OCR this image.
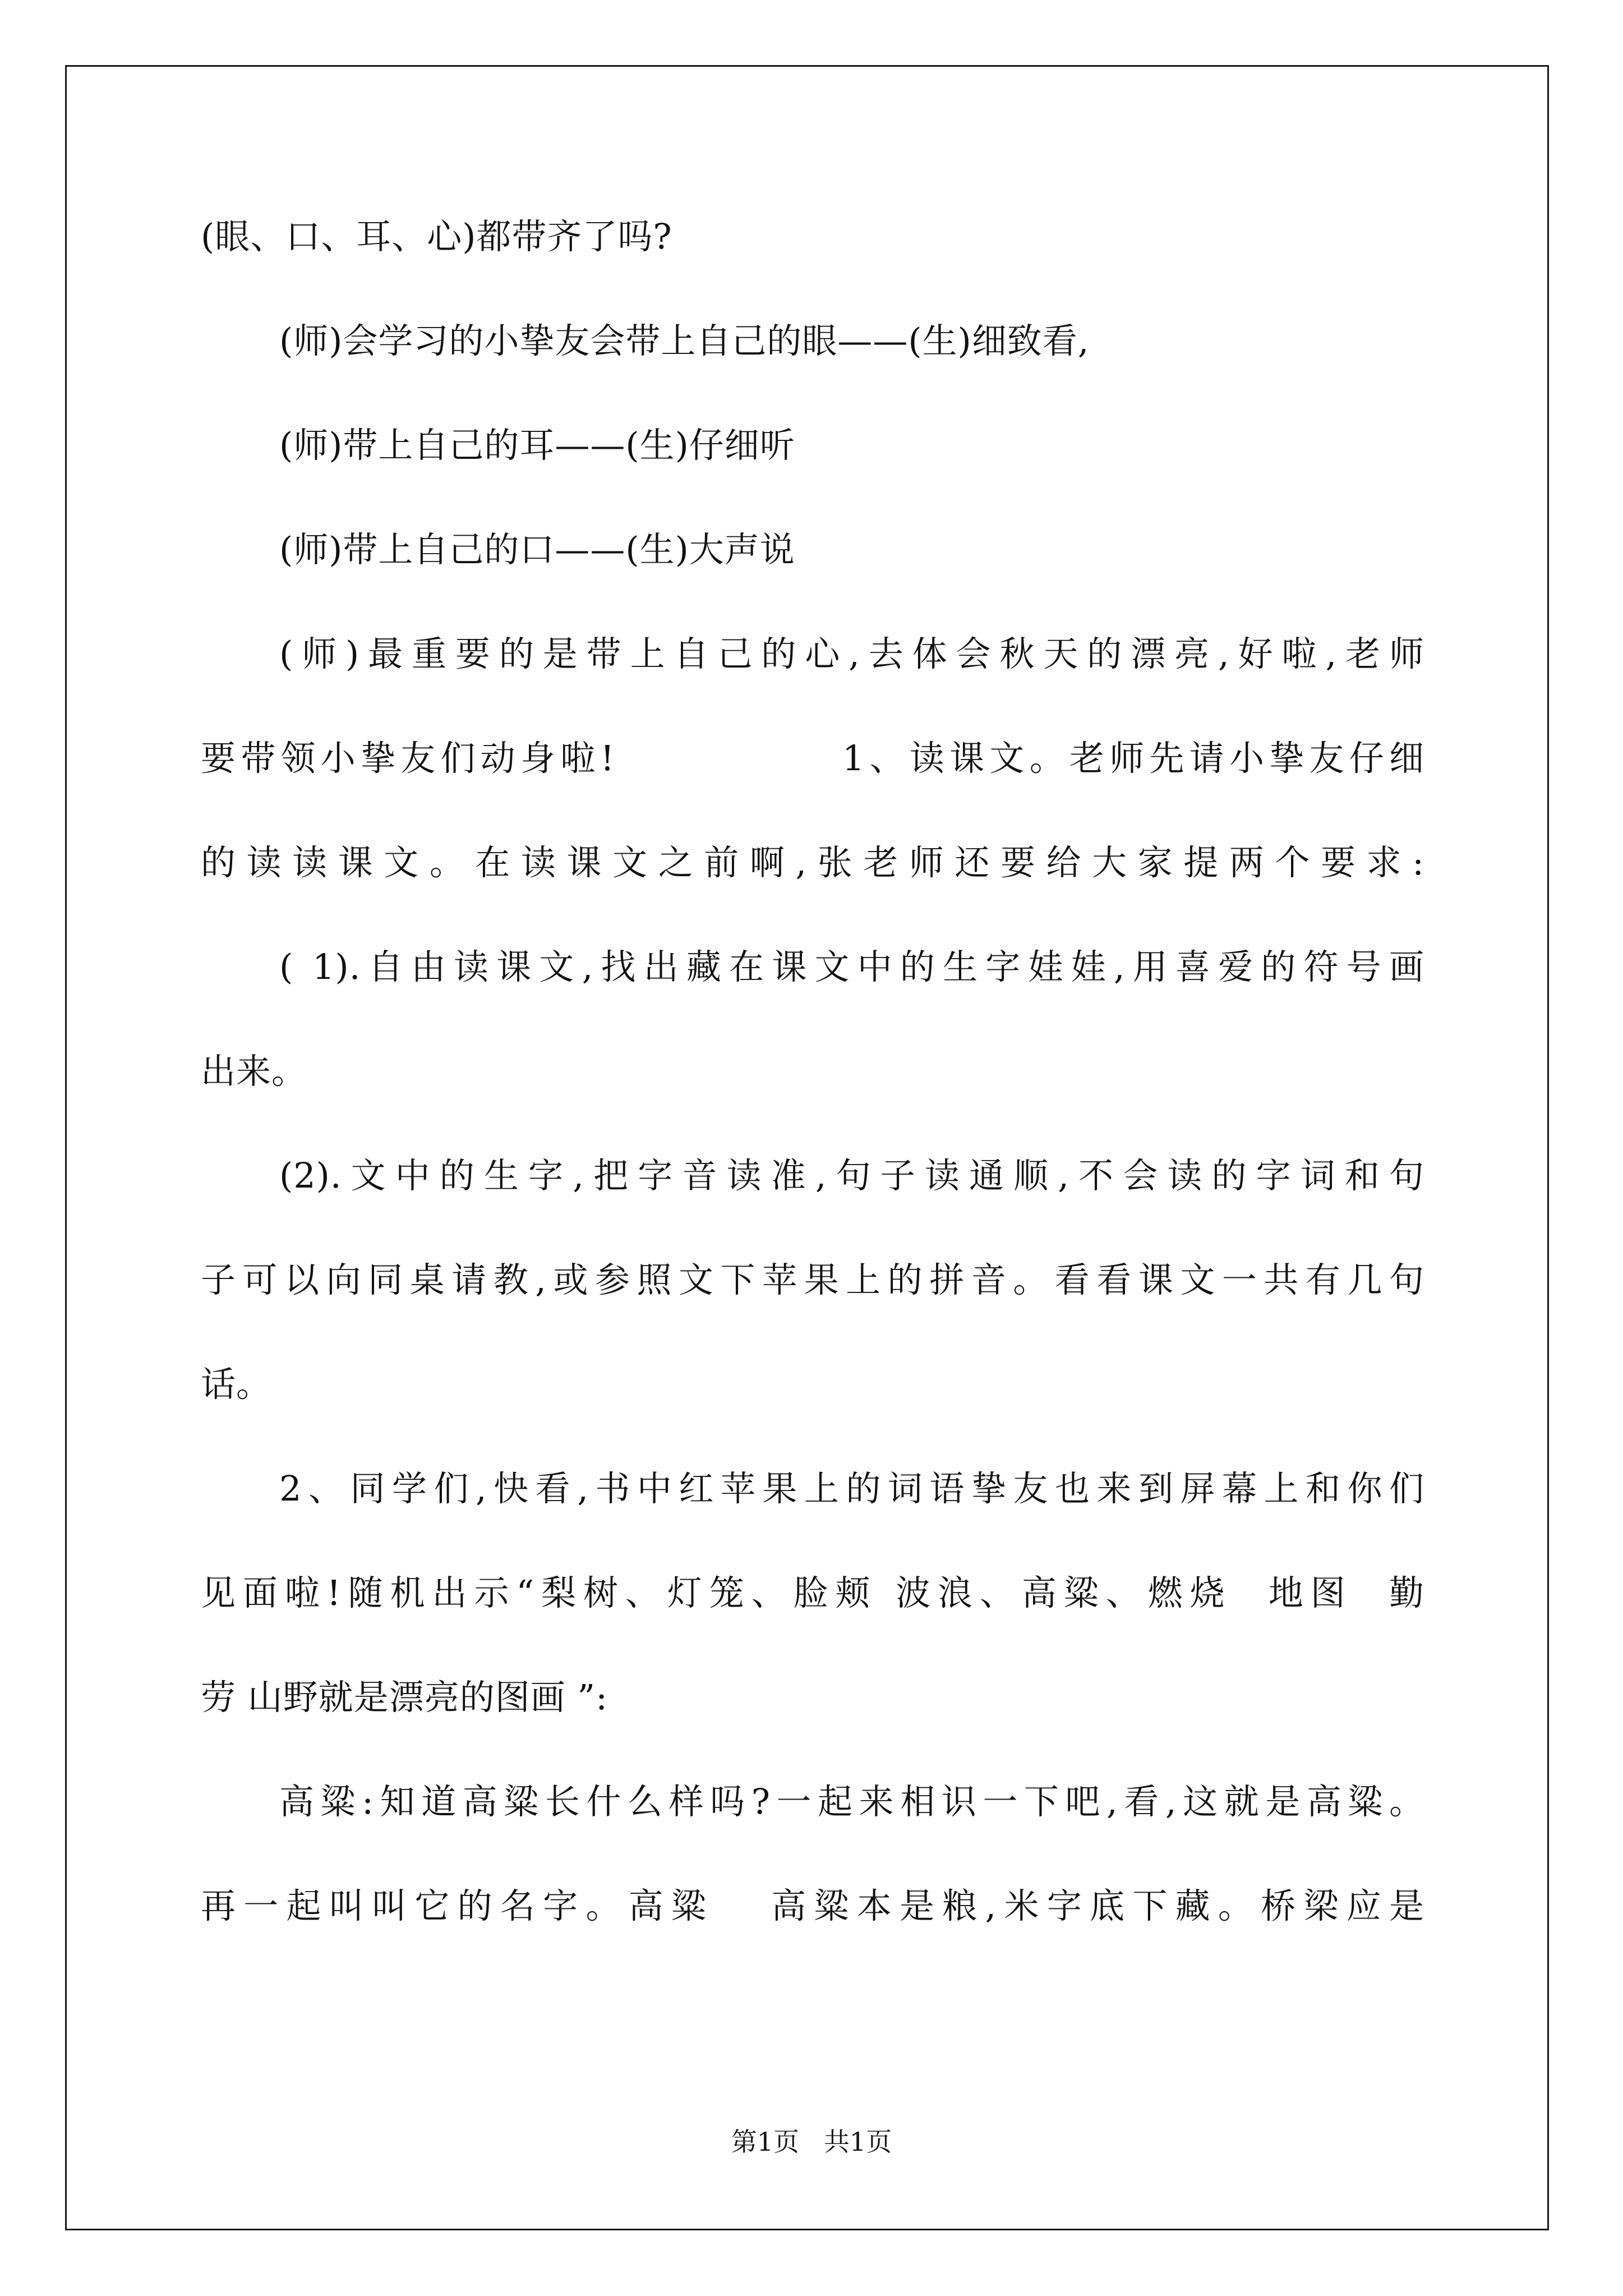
(眼、口、耳、心)都带齐了吗?
(师)会学习的小挚友会带上自己的眼——(生)细致看,
(师)带上自己的耳——(生)仔细听
(师)带上自己的口——(生)大声说
(师)最重要的是带上自己的心,去体会秋天的漂亮,好啦,老师
要带领小挚友们动身啦!              1、读课文。老师先请小挚友仔细
的读读课文。在读课文之前啊,张老师还要给大家提两个要求:
( 1).自由读课文,找出藏在课文中的生字娃娃,用喜爱的符号画
出来。
(2).文中的生字,把字音读准,句子读通顺,不会读的字词和句
子可以向同桌请教,或参照文下苹果上的拼音。看看课文一共有几句
话。
2、同学们,快看,书中红苹果上的词语挚友也来到屏幕上和你们
见面啦!随机出示“梨树、灯笼、脸颊 波浪、高粱、燃烧  地图  勤
劳 山野就是漂亮的图画 ”:
高粱:知道高粱长什么样吗?一起来相识一下吧,看,这就是高粱。
再一起叫叫它的名字。高粱   高粱本是粮,米字底下藏。桥梁应是
第1页   共1页
